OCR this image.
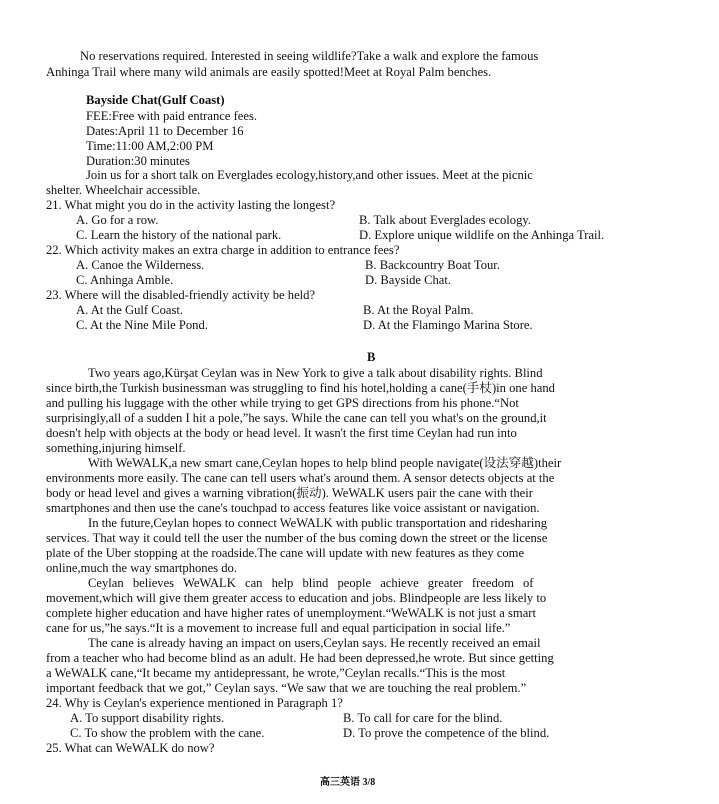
No reservations required. Interested in seeing wildlife?Take a walk and explore the famous
Anhinga Trail where many wild animals are easily spotted!Meet at Royal Palm benches.
Bayside Chat(Gulf Coast)
FEE:Free with paid entrance fees.
Dates:April 11 to December 16
Time:11:00 AM,2:00 PM
Duration:30 minutes
Join us for a short talk on Everglades ecology,history,and other issues. Meet at the picnic
shelter. Wheelchair accessible.
21. What might you do in the activity lasting the longest?
A. Go for a row.	B. Talk about Everglades ecology.
C. Learn the history of the national park.	D. Explore unique wildlife on the Anhinga Trail.
22. Which activity makes an extra charge in addition to entrance fees?
A. Canoe the Wilderness.	B. Backcountry Boat Tour.
C. Anhinga Amble.	D. Bayside Chat.
23. Where will the disabled-friendly activity be held?
A. At the Gulf Coast.	B. At the Royal Palm.
C. At the Nine Mile Pond.	D. At the Flamingo Marina Store.
B
Two years ago,Kürşat Ceylan was in New York to give a talk about disability rights. Blind
since birth,the Turkish businessman was struggling to find his hotel,holding a cane(手杖)in one hand
and pulling his luggage with the other while trying to get GPS directions from his phone.“Not
surprisingly,all of a sudden I hit a pole,”he says. While the cane can tell you what's on the ground,it
doesn't help with objects at the body or head level. It wasn't the first time Ceylan had run into
something,injuring himself.
With WeWALK,a new smart cane,Ceylan hopes to help blind people navigate(设法穿越)their
environments more easily. The cane can tell users what's around them. A sensor detects objects at the
body or head level and gives a warning vibration(振动). WeWALK users pair the cane with their
smartphones and then use the cane's touchpad to access features like voice assistant or navigation.
In the future,Ceylan hopes to connect WeWALK with public transportation and ridesharing
services. That way it could tell the user the number of the bus coming down the street or the license
plate of the Uber stopping at the roadside.The cane will update with new features as they come
online,much the way smartphones do.
Ceylan believes WeWALK can help blind people achieve greater freedom of
movement,which will give them greater access to education and jobs. Blindpeople are less likely to
complete higher education and have higher rates of unemployment.“WeWALK is not just a smart
cane for us,”he says.“It is a movement to increase full and equal participation in social life.”
The cane is already having an impact on users,Ceylan says. He recently received an email
from a teacher who had become blind as an adult. He had been depressed,he wrote. But since getting
a WeWALK cane,“It became my antidepressant, he wrote,”Ceylan recalls.“This is the most
important feedback that we got,” Ceylan says. “We saw that we are touching the real problem.”
24. Why is Ceylan's experience mentioned in Paragraph 1?
A. To support disability rights.	B. To call for care for the blind.
C. To show the problem with the cane.	D. To prove the competence of the blind.
25. What can WeWALK do now?
高三英语 3/8
